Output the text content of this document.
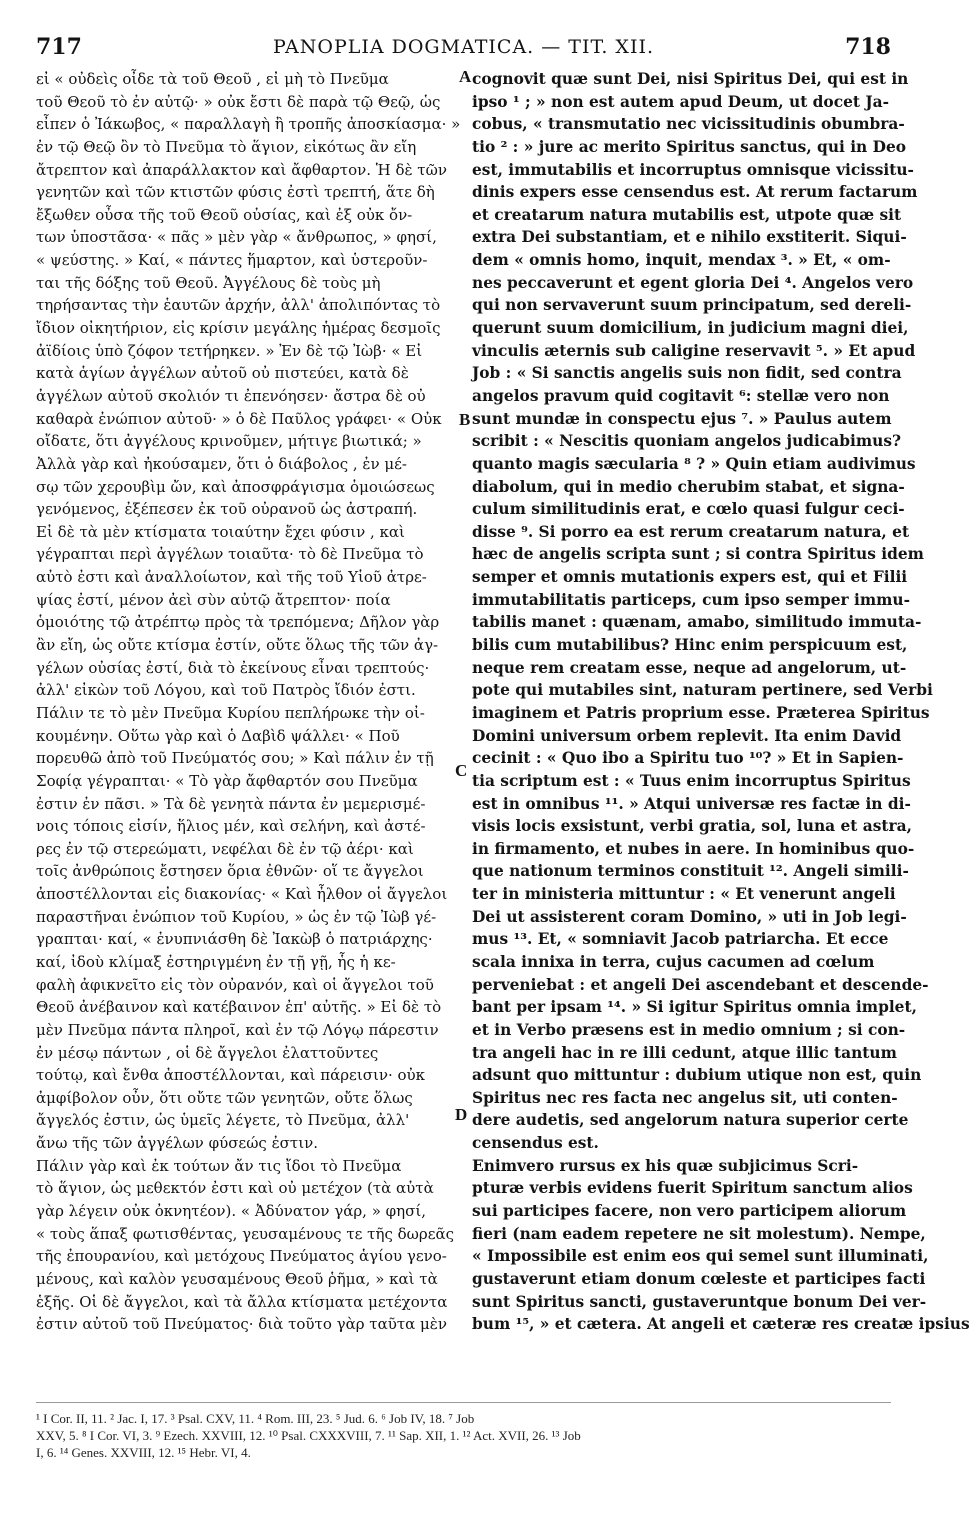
717	PANOPLIA DOGMATICA. — TIT. XII.	718
εἰ « οὐδεὶς οἶδε τὰ τοῦ Θεοῦ , εἰ μὴ τὸ Πνεῦμα
τοῦ Θεοῦ τὸ ἐν αὐτῷ· » οὐκ ἔστι δὲ παρὰ τῷ Θεῷ, ὡς
εἶπεν ὁ Ἰάκωβος, « παραλλαγὴ ἢ τροπῆς ἀποσκίασμα· »
ἐν τῷ Θεῷ ὂν τὸ Πνεῦμα τὸ ἅγιον, εἰκότως ἂν εἴη
ἄτρεπτον καὶ ἀπαράλλακτον καὶ ἄφθαρτον. Ἡ δὲ τῶν
γενητῶν καὶ τῶν κτιστῶν φύσις ἐστὶ τρεπτή, ἅτε δὴ
ἔξωθεν οὖσα τῆς τοῦ Θεοῦ οὐσίας, καὶ ἐξ οὐκ ὄν-
των ὑποστᾶσα· « πᾶς » μὲν γὰρ « ἄνθρωπος, » φησί,
« ψεύστης. » Καί, « πάντες ἥμαρτον, καὶ ὑστεροῦν-
ται τῆς δόξης τοῦ Θεοῦ. Ἀγγέλους δὲ τοὺς μὴ
τηρήσαντας τὴν ἑαυτῶν ἀρχήν, ἀλλ' ἀπολιπόντας τὸ
ἴδιον οἰκητήριον, εἰς κρίσιν μεγάλης ἡμέρας δεσμοῖς
ἀϊδίοις ὑπὸ ζόφον τετήρηκεν. » Ἐν δὲ τῷ Ἰὼβ· « Εἰ
κατὰ ἁγίων ἀγγέλων αὐτοῦ οὐ πιστεύει, κατὰ δὲ
ἀγγέλων αὐτοῦ σκολιόν τι ἐπενόησεν· ἄστρα δὲ οὐ
καθαρὰ ἐνώπιον αὐτοῦ· » ὁ δὲ Παῦλος γράφει· « Οὐκ
οἴδατε, ὅτι ἀγγέλους κρινοῦμεν, μήτιγε βιωτικά; »
Ἀλλὰ γὰρ καὶ ἠκούσαμεν, ὅτι ὁ διάβολος , ἐν μέ-
σῳ τῶν χερουβὶμ ὤν, καὶ ἀποσφράγισμα ὁμοιώσεως
γενόμενος, ἐξέπεσεν ἐκ τοῦ οὐρανοῦ ὡς ἀστραπή.
Εἰ δὲ τὰ μὲν κτίσματα τοιαύτην ἔχει φύσιν , καὶ
γέγραπται περὶ ἀγγέλων τοιαῦτα· τὸ δὲ Πνεῦμα τὸ
αὐτὸ ἐστι καὶ ἀναλλοίωτον, καὶ τῆς τοῦ Υἱοῦ ἀτρε-
ψίας ἐστί, μένον ἀεὶ σὺν αὐτῷ ἄτρεπτον· ποία
ὁμοιότης τῷ ἀτρέπτῳ πρὸς τὰ τρεπόμενα; Δῆλον γὰρ
ἂν εἴη, ὡς οὔτε κτίσμα ἐστίν, οὔτε ὅλως τῆς τῶν ἀγ-
γέλων οὐσίας ἐστί, διὰ τὸ ἐκείνους εἶναι τρεπτούς·
ἀλλ' εἰκὼν τοῦ Λόγου, καὶ τοῦ Πατρὸς ἴδιόν ἐστι.
Πάλιν τε τὸ μὲν Πνεῦμα Κυρίου πεπλήρωκε τὴν οἰ-
κουμένην. Οὕτω γὰρ καὶ ὁ Δαβὶδ ψάλλει· « Ποῦ
πορευθῶ ἀπὸ τοῦ Πνεύματός σου; » Καὶ πάλιν ἐν τῇ
Σοφίᾳ γέγραπται· « Τὸ γὰρ ἄφθαρτόν σου Πνεῦμα
ἐστιν ἐν πᾶσι. » Τὰ δὲ γενητὰ πάντα ἐν μεμερισμέ-
νοις τόποις εἰσίν, ἥλιος μέν, καὶ σελήνη, καὶ ἀστέ-
ρες ἐν τῷ στερεώματι, νεφέλαι δὲ ἐν τῷ ἀέρι· καὶ
τοῖς ἀνθρώποις ἔστησεν ὅρια ἐθνῶν· οἵ τε ἄγγελοι
ἀποστέλλονται εἰς διακονίας· « Καὶ ἦλθον οἱ ἄγγελοι
παραστῆναι ἐνώπιον τοῦ Κυρίου, » ὡς ἐν τῷ Ἰὼβ γέ-
γραπται· καί, « ἐνυπνιάσθη δὲ Ἰακὼβ ὁ πατριάρχης·
καί, ἰδοὺ κλίμαξ ἐστηριγμένη ἐν τῇ γῇ, ἧς ἡ κε-
φαλὴ ἀφικνεῖτο εἰς τὸν οὐρανόν, καὶ οἱ ἄγγελοι τοῦ
Θεοῦ ἀνέβαινον καὶ κατέβαινον ἐπ' αὐτῆς. » Εἰ δὲ τὸ
μὲν Πνεῦμα πάντα πληροῖ, καὶ ἐν τῷ Λόγῳ πάρεστιν
ἐν μέσῳ πάντων , οἱ δὲ ἄγγελοι ἐλαττοῦντες
τούτῳ, καὶ ἔνθα ἀποστέλλονται, καὶ πάρεισιν· οὐκ
ἀμφίβολον οὖν, ὅτι οὔτε τῶν γενητῶν, οὔτε ὅλως
ἄγγελός ἐστιν, ὡς ὑμεῖς λέγετε, τὸ Πνεῦμα, ἀλλ'
ἄνω τῆς τῶν ἀγγέλων φύσεώς ἐστιν.
Πάλιν γὰρ καὶ ἐκ τούτων ἄν τις ἴδοι τὸ Πνεῦμα
τὸ ἅγιον, ὡς μεθεκτόν ἐστι καὶ οὐ μετέχον (τὰ αὐτὰ
γὰρ λέγειν οὐκ ὀκνητέον). « Ἀδύνατον γάρ, » φησί,
« τοὺς ἅπαξ φωτισθέντας, γευσαμένους τε τῆς δωρεᾶς
τῆς ἐπουρανίου, καὶ μετόχους Πνεύματος ἁγίου γενο-
μένους, καὶ καλὸν γευσαμένους Θεοῦ ῥῆμα, » καὶ τὰ
ἑξῆς. Οἱ δὲ ἄγγελοι, καὶ τὰ ἄλλα κτίσματα μετέχοντα
ἐστιν αὐτοῦ τοῦ Πνεύματος· διὰ τοῦτο γὰρ ταῦτα μὲν
cognovit quæ sunt Dei, nisi Spiritus Dei, qui est in
ipso ¹ ; » non est autem apud Deum, ut docet Ja-
cobus, « transmutatio nec vicissitudinis obumbra-
tio ² : » jure ac merito Spiritus sanctus, qui in Deo
est, immutabilis et incorruptus omnisque vicissitu-
dinis expers esse censendus est. At rerum factarum
et creatarum natura mutabilis est, utpote quæ sit
extra Dei substantiam, et e nihilo exstiterit. Siqui-
dem « omnis homo, inquit, mendax ³. » Et, « om-
nes peccaverunt et egent gloria Dei ⁴. Angelos vero
qui non servaverunt suum principatum, sed dereli-
querunt suum domicilium, in judicium magni diei,
vinculis æternis sub caligine reservavit ⁵. » Et apud
Job : « Si sanctis angelis suis non fidit, sed contra
angelos pravum quid cogitavit ⁶: stellæ vero non
sunt mundæ in conspectu ejus ⁷. » Paulus autem
scribit : « Nescitis quoniam angelos judicabimus?
quanto magis sæcularia ⁸ ? » Quin etiam audivimus
diabolum, qui in medio cherubim stabat, et signa-
culum similitudinis erat, e cœlo quasi fulgur ceci-
disse ⁹. Si porro ea est rerum creatarum natura, et
hæc de angelis scripta sunt ; si contra Spiritus idem
semper et omnis mutationis expers est, qui et Filii
immutabilitatis particeps, cum ipso semper immu-
tabilis manet : quænam, amabo, similitudo immuta-
bilis cum mutabilibus? Hinc enim perspicuum est,
neque rem creatam esse, neque ad angelorum, ut-
pote qui mutabiles sint, naturam pertinere, sed Verbi
imaginem et Patris proprium esse. Præterea Spiritus
Domini universum orbem replevit. Ita enim David
cecinit : « Quo ibo a Spiritu tuo ¹⁰? » Et in Sapien-
tia scriptum est : « Tuus enim incorruptus Spiritus
est in omnibus ¹¹. » Atqui universæ res factæ in di-
visis locis exsistunt, verbi gratia, sol, luna et astra,
in firmamento, et nubes in aere. In hominibus quo-
que nationum terminos constituit ¹². Angeli simili-
ter in ministeria mittuntur : « Et venerunt angeli
Dei ut assisterent coram Domino, » uti in Job legi-
mus ¹³. Et, « somniavit Jacob patriarcha. Et ecce
scala innixa in terra, cujus cacumen ad cœlum
perveniebat : et angeli Dei ascendebant et descende-
bant per ipsam ¹⁴. » Si igitur Spiritus omnia implet,
et in Verbo præsens est in medio omnium ; si con-
tra angeli hac in re illi cedunt, atque illic tantum
adsunt quo mittuntur : dubium utique non est, quin
Spiritus nec res facta nec angelus sit, uti conten-
dere audetis, sed angelorum natura superior certe
censendus est.
Enimvero rursus ex his quæ subjicimus Scri-
pturæ verbis evidens fuerit Spiritum sanctum alios
sui participes facere, non vero participem aliorum
fieri (nam eadem repetere ne sit molestum). Nempe,
« Impossibile est enim eos qui semel sunt illuminati,
gustaverunt etiam donum cœleste et participes facti
sunt Spiritus sancti, gustaveruntque bonum Dei ver-
bum ¹⁵, » et cætera. At angeli et cæteræ res creatæ ipsius
A
B
C
D
¹ I Cor. II, 11. ² Jac. I, 17. ³ Psal. CXV, 11. ⁴ Rom. III, 23. ⁵ Jud. 6. ⁶ Job IV, 18. ⁷ Job
XXV, 5. ⁸ I Cor. VI, 3. ⁹ Ezech. XXVIII, 12. ¹⁰ Psal. CXXXVIII, 7. ¹¹ Sap. XII, 1. ¹² Act. XVII, 26. ¹³ Job
I, 6. ¹⁴ Genes. XXVIII, 12. ¹⁵ Hebr. VI, 4.
